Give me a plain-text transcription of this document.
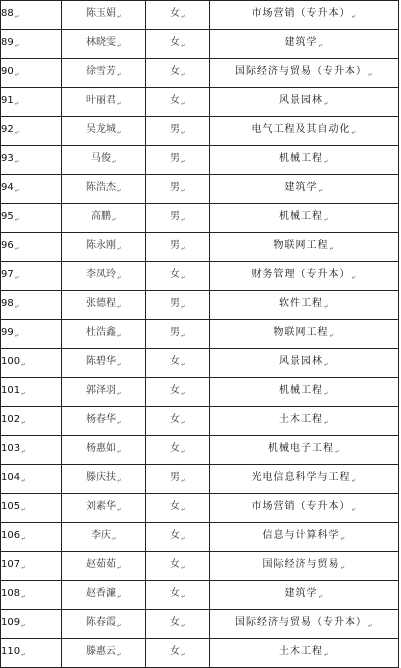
88⤶	陈玉娟⤶	女⤶	市场营销（专升本）⤶
89⤶	林晓雯⤶	女⤶	建筑学⤶
90⤶	徐雪芳⤶	女⤶	国际经济与贸易（专升本）⤶
91⤶	叶丽君⤶	女⤶	风景园林⤶
92⤶	吴龙城⤶	男⤶	电气工程及其自动化⤶
93⤶	马俊⤶	男⤶	机械工程⤶
94⤶	陈浩杰⤶	男⤶	建筑学⤶
95⤶	高鹏⤶	男⤶	机械工程⤶
96⤶	陈永刚⤶	男⤶	物联网工程⤶
97⤶	李凤玲⤶	女⤶	财务管理（专升本）⤶
98⤶	张德程⤶	男⤶	软件工程⤶
99⤶	杜浩鑫⤶	男⤶	物联网工程⤶
100⤶	陈碧华⤶	女⤶	风景园林⤶
101⤶	郭泽羽⤶	女⤶	机械工程⤶
102⤶	杨春华⤶	女⤶	土木工程⤶
103⤶	杨惠如⤶	女⤶	机械电子工程⤶
104⤶	滕庆扶⤶	男⤶	光电信息科学与工程⤶
105⤶	刘素华⤶	女⤶	市场营销（专升本）⤶
106⤶	李庆⤶	女⤶	信息与计算科学⤶
107⤶	赵茹茹⤶	女⤶	国际经济与贸易⤶
108⤶	赵香濂⤶	女⤶	建筑学⤶
109⤶	陈春霞⤶	女⤶	国际经济与贸易（专升本）⤶
110⤶	滕惠云⤶	女⤶	土木工程⤶
